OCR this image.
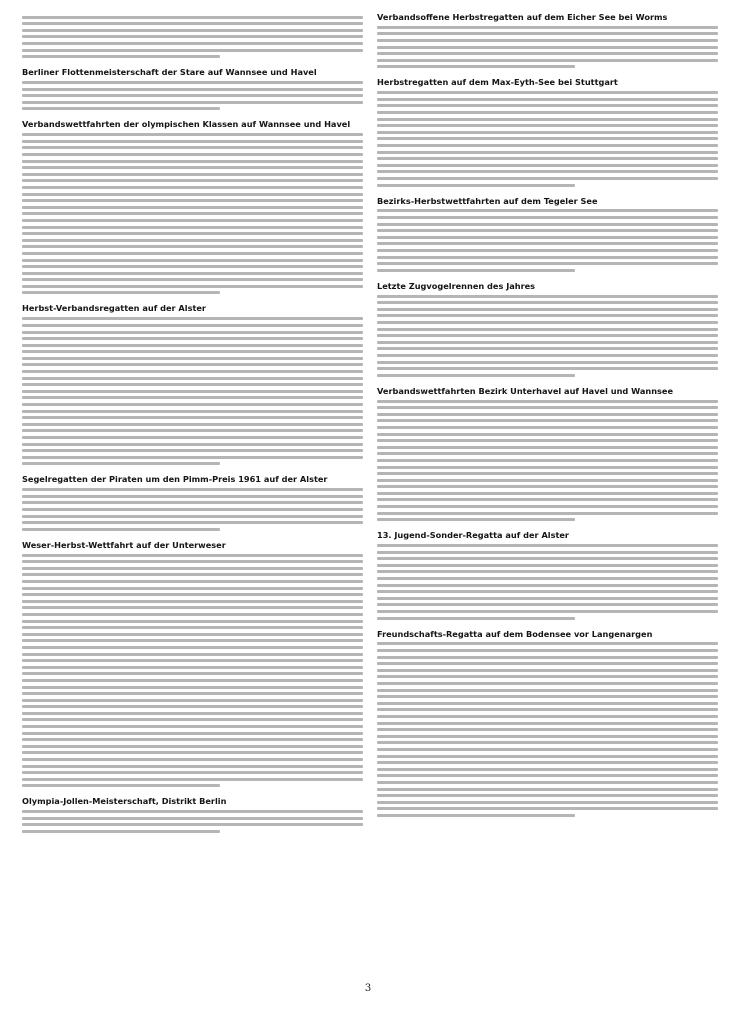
Berliner Flottenmeisterschaft der Stare auf Wannsee und Havel
Verbandswettfahrten der olympischen Klassen auf Wannsee und Havel
Herbst-Verbandsregatten auf der Alster
Segelregatten der Piraten um den Pimm-Preis 1961 auf der Alster
Weser-Herbst-Wettfahrt auf der Unterweser
Olympia-Jollen-Meisterschaft, Distrikt Berlin
Verbandsoffene Herbstregatten auf dem Eicher See bei Worms
Herbstregatten auf dem Max-Eyth-See bei Stuttgart
Bezirks-Herbstwettfahrten auf dem Tegeler See
Letzte Zugvogelrennen des Jahres
Verbandswettfahrten Bezirk Unterhavel auf Havel und Wannsee
13. Jugend-Sonder-Regatta auf der Alster
Freundschafts-Regatta auf dem Bodensee vor Langenargen
3
